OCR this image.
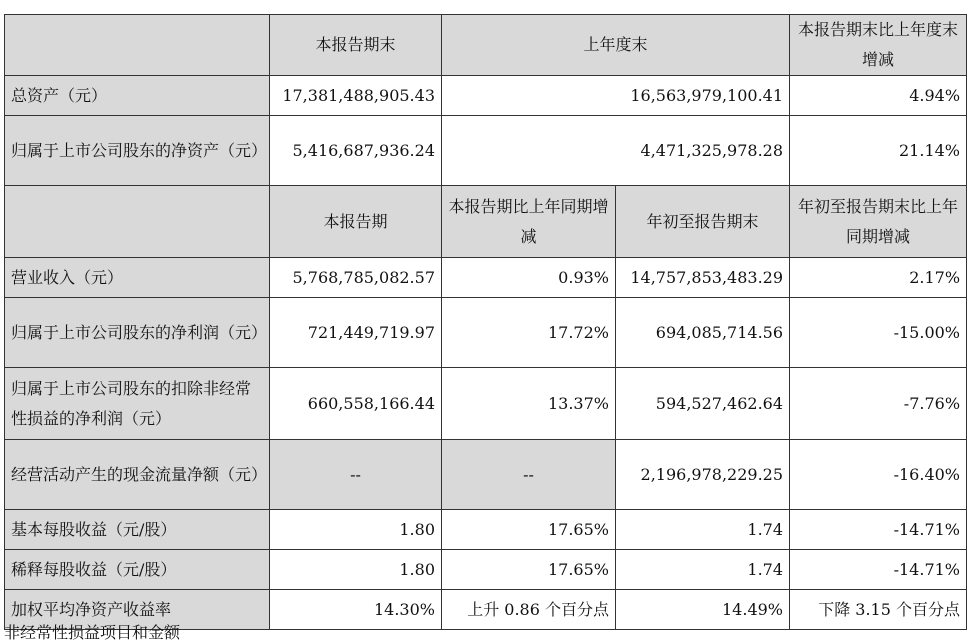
	本报告期末	上年度末		本报告期末比上年度末增减
总资产（元）	17,381,488,905.43	16,563,979,100.41		4.94%
归属于上市公司股东的净资产（元）	5,416,687,936.24	4,471,325,978.28		21.14%
	本报告期	本报告期比上年同期增减	年初至报告期末	年初至报告期末比上年同期增减
营业收入（元）	5,768,785,082.57	0.93%	14,757,853,483.29	2.17%
归属于上市公司股东的净利润（元）	721,449,719.97	17.72%	694,085,714.56	-15.00%
归属于上市公司股东的扣除非经常性损益的净利润（元）	660,558,166.44	13.37%	594,527,462.64	-7.76%
经营活动产生的现金流量净额（元）	--	--	2,196,978,229.25	-16.40%
基本每股收益（元/股）	1.80	17.65%	1.74	-14.71%
稀释每股收益（元/股）	1.80	17.65%	1.74	-14.71%
加权平均净资产收益率	14.30%	上升 0.86 个百分点	14.49%	下降 3.15 个百分点
非经常性损益项目和金额
